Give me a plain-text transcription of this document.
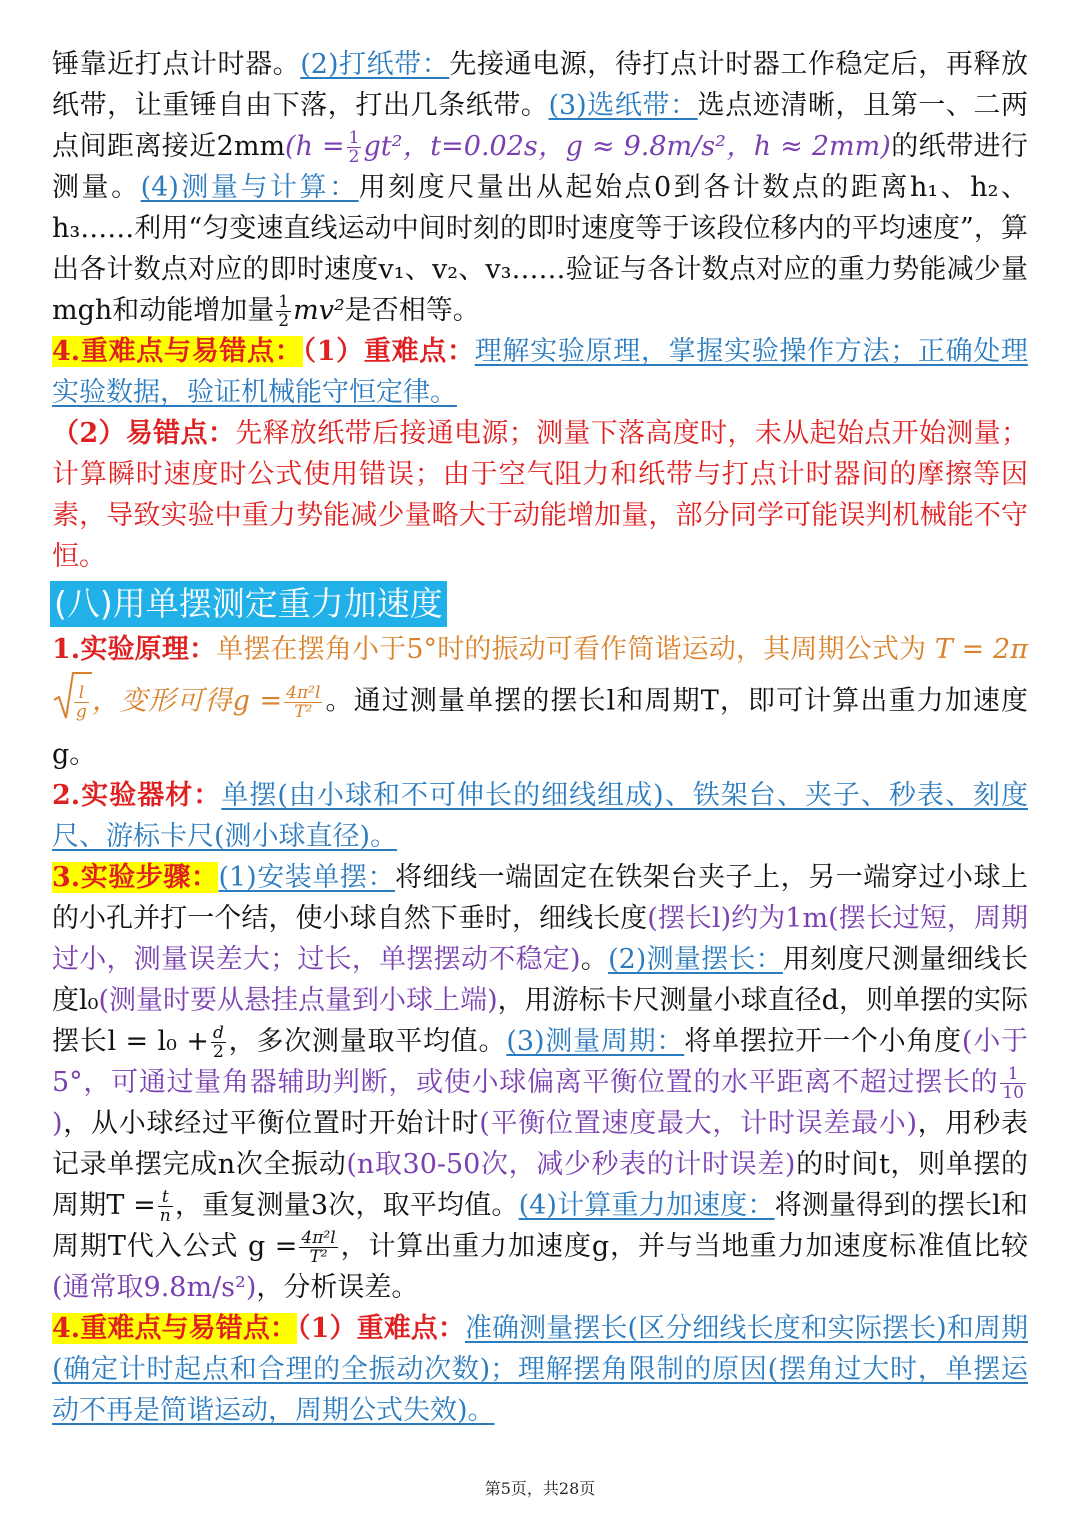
锤靠近打点计时器。(2)打纸带：先接通电源，待打点计时器工作稳定后，再释放纸带，让重锤自由下落，打出几条纸带。(3)选纸带：选点迹清晰，且第一、二两点间距离接近$2mm(h = \frac{1}{2} gt^2$，t=0.02s，g ≈ 9.8m/s²，h ≈ 2mm)的纸带进行测量。(4)测量与计算：用刻度尺量出从起始点0到各计数点的距离h₁、h₂、h₃……利用“匀变速直线运动中间时刻的即时速度等于该段位移内的平均速度”，算出各计数点对应的即时速度v₁、v₂、v₃……验证与各计数点对应的重力势能减少量mgh和动能增加量 $\frac{1}{2} mv^2$是否相等。

4.重难点与易错点：（1）重难点：理解实验原理，掌握实验操作方法；正确处理实验数据，验证机械能守恒定律。

（2）易错点：先释放纸带后接通电源；测量下落高度时，未从起始点开始测量；计算瞬时速度时公式使用错误；由于空气阻力和纸带与打点计时器间的摩擦等因素，导致实验中重力势能减少量略大于动能增加量，部分同学可能误判机械能不守恒。

(八)用单摆测定重力加速度

1.实验原理：单摆在摆角小于5°时的振动可看作简谐运动，其周期公式为 T = 2π
$\frac{l}{g}$ ，变形可得$g = \frac{\text{4π²l}}{\text{T²}}$ 。通过测量单摆的摆长l和周期T，即可计算出重力加速度g。

2.实验器材：单摆(由小球和不可伸长的细线组成)、铁架台、夹子、秒表、刻度尺、游标卡尺(测小球直径)。

3.实验步骤：(1)安装单摆：将细线一端固定在铁架台夹子上，另一端穿过小球上的小孔并打一个结，使小球自然下垂时，细线长度(摆长l)约为1m(摆长过短，周期过小，测量误差大；过长，单摆摆动不稳定)。(2)测量摆长：用刻度尺测量细线长度l₀(测量时要从悬挂点量到小球上端)，用游标卡尺测量小球直径d，则单摆的实际摆长$l = l_0 + \frac{d}{2}$ ，多次测量取平均值。(3)测量周期：将单摆拉开一个小角度(小于5°，可通过量角器辅助判断，或使小球偏离平衡位置的水平距离不超过摆长的 $\frac{1}{10}$
)，从小球经过平衡位置时开始计时(平衡位置速度最大，计时误差最小)，用秒表记录单摆完成n次全振动(n取30-50次，减少秒表的计时误差)的时间t，则单摆的周期$T = \frac{t}{n}$ ，重复测量3次，取平均值。(4)计算重力加速度：将测量得到的摆长l和周期T代入公式 $g = \frac{\text{4π²l}}{\text{T²}}$ ，计算出重力加速度g，并与当地重力加速度标准值比较(通常取9.8m/s²)，分析误差。

4.重难点与易错点：（1）重难点：准确测量摆长(区分细线长度和实际摆长)和周期(确定计时起点和合理的全振动次数)；理解摆角限制的原因(摆角过大时，单摆运动不再是简谐运动，周期公式失效)。

第5页，共28页
